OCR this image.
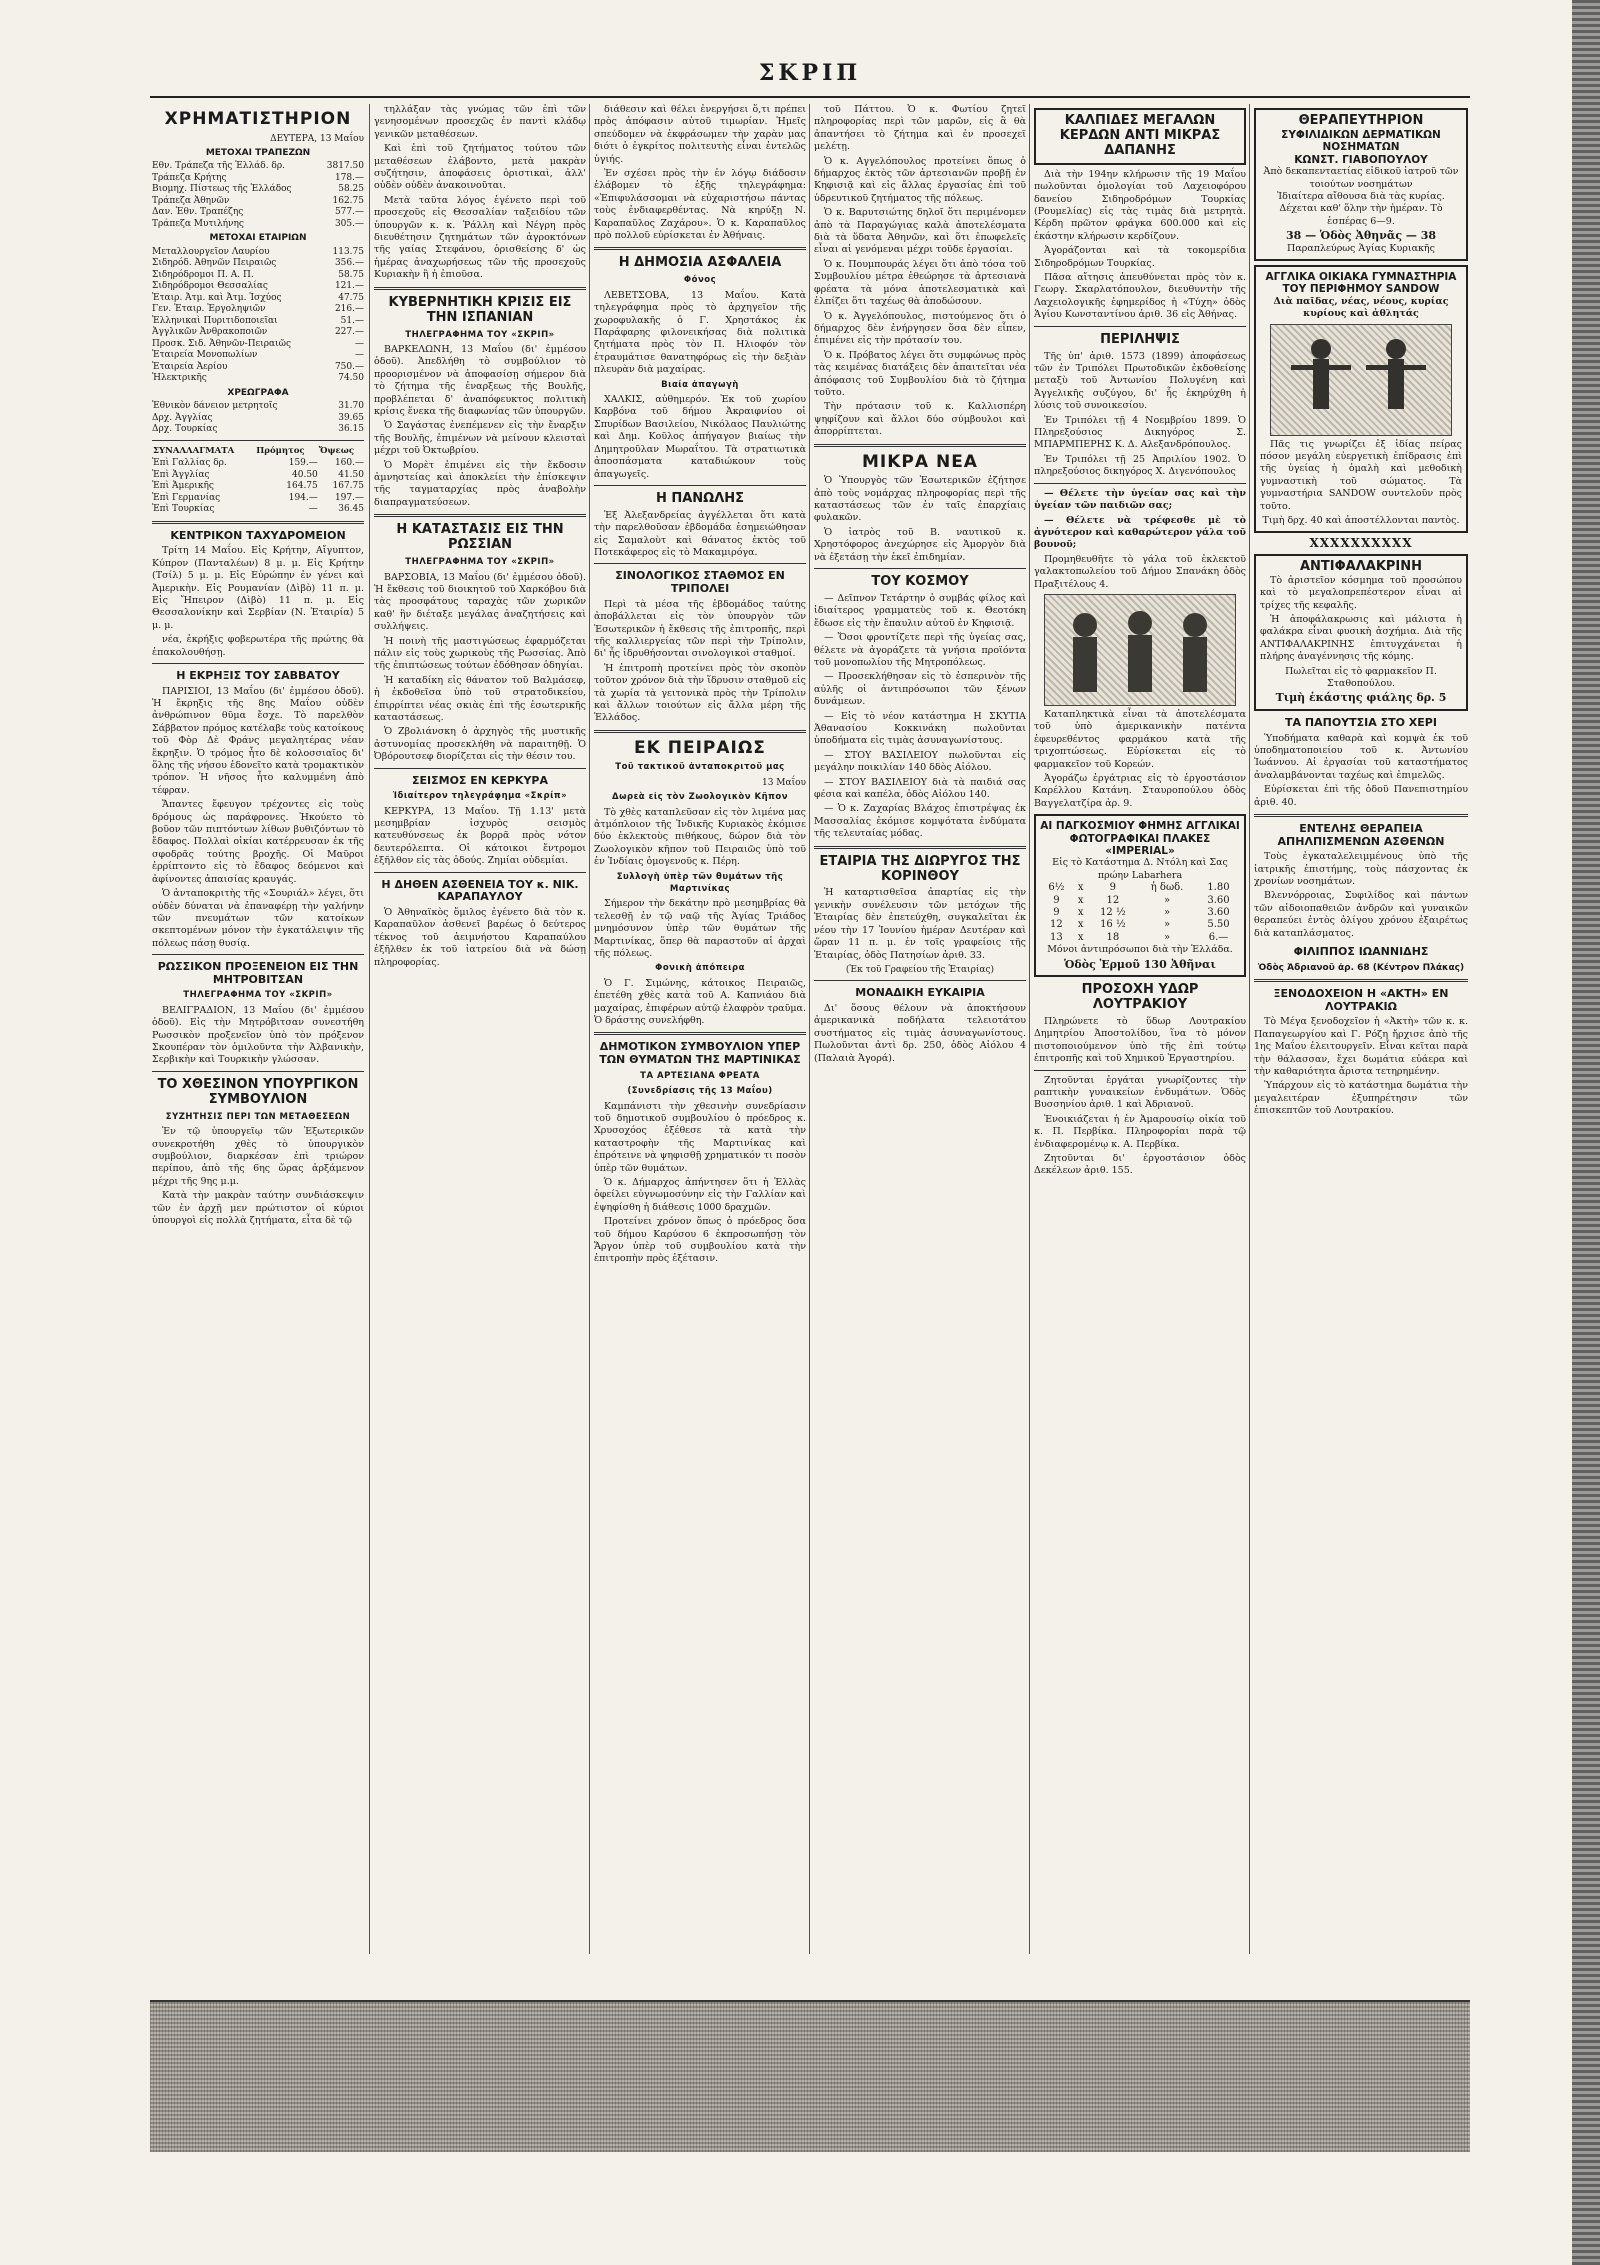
ΣΚΡΙΠ
ΧΡΗΜΑΤΙΣΤΗΡΙΟΝ
ΔΕΥΤΕΡΑ, 13 Μαΐου
ΜΕΤΟΧΑΙ ΤΡΑΠΕΖΩΝ
Εθν. Τράπεζα τῆς Ἑλλάδ. δρ.	3817.50
Τράπεζα Κρήτης	178.—
Βιομηχ. Πίστεως τῆς Ἑλλάδος	58.25
Τράπεζα Ἀθηνῶν	162.75
Δαν. Ἐθν. Τραπέζης	577.—
Τράπεζα Μυτιλήνης	305.—
ΜΕΤΟΧΑΙ ΕΤΑΙΡΙΩΝ
Μεταλλουργεῖον Λαυρίου	113.75
Σιδηρόδ. Ἀθηνῶν Πειραιῶς	356.—
Σιδηρόδρομοι Π. Α. Π.	58.75
Σιδηρόδρομοι Θεσσαλίας	121.—
Ἑταιρ. Ἀτμ. καὶ Ἀτμ. Ἰσχύος	47.75
Γεν. Ἑταιρ. Ἐργοληψιῶν	216.—
Ἑλληνικαὶ Πυριτιδοποιεῖαι	51.—
Ἀγγλικῶν Ἀνθρακοποιῶν	227.—
Προσκ. Σιδ. Ἀθηνῶν-Πειραιῶς	—
Ἑταιρεία Μονοπωλίων	—
Ἑταιρεία Ἀερίου	750.—
Ἠλεκτρικῆς	74.50
ΧΡΕΩΓΡΑΦΑ
Ἐθνικὸν δάνειον μετρητοῖς	31.70
Δρχ. Ἀγγλίας	39.65
Δρχ. Τουρκίας	36.15
ΣΥΝΑΛΛΑΓΜΑΤΑ	Πρόμητος	Ὄψεως
Ἐπὶ Γαλλίας δρ.	159.—	160.—
Ἐπὶ Ἀγγλίας	40.50	41.50
Ἐπὶ Ἀμερικῆς	164.75	167.75
Ἐπὶ Γερμανίας	194.—	197.—
Ἐπὶ Τουρκίας	—	36.45
ΚΕΝΤΡΙΚΟΝ ΤΑΧΥΔΡΟΜΕΙΟΝ

Τρίτη 14 Μαΐου. Εἰς Κρήτην, Αἴγυπτον, Κύπρον (Πανταλέων) 8 μ. μ. Εἰς Κρήτην (Τσίλ) 5 μ. μ. Εἰς Εὐρώπην ἐν γένει καὶ Ἀμερικὴν. Εἰς Ρουμανίαν (Δὶβὸ) 11 π. μ. Εἰς Ἤπειρον (Δὶβὸ) 11 π. μ. Εἰς Θεσσαλονίκην καὶ Σερβίαν (Ν. Ἑταιρία) 5 μ. μ.

νέα, ἐκρήξις φοβερωτέρα τῆς πρώτης θὰ ἐπακολουθήσῃ.

Η ΕΚΡΗΞΙΣ ΤΟΥ ΣΑΒΒΑΤΟΥ

ΠΑΡΙΣΙΟΙ, 13 Μαΐου (δι' ἐμμέσου ὁδοῦ). Ἡ ἔκρηξις τῆς 8ης Μαΐου οὐδὲν ἀνθρώπινον θῦμα ἔσχε. Τὸ παρελθὸν Σάββατον πρόμος κατέλαβε τοὺς κατοίκους τοῦ Φὸρ Δὲ Φράνς μεγαλητέρας νέαν ἔκρηξιν. Ὁ τρόμος ἦτο δὲ κολοσσιαῖος δι' ὅλης τῆς νήσου ἐδονεῖτο κατὰ τρομακτικὸν τρόπον. Ἡ νῆσος ἦτο καλυμμένη ἀπὸ τέφραν.

Ἄπαντες ἔφευγον τρέχοντες εἰς τοὺς δρόμους ὡς παράφρονες. Ἠκούετο τὸ βοῦον τῶν πιπτόντων λίθων βυθιζόντων τὸ ἔδαφος. Πολλαὶ οἰκίαι κατέρρευσαν ἐκ τῆς σφοδρᾶς τούτης βροχῆς. Οἱ Μαῦροι ἐρρίπτοντο εἰς τὸ ἔδαφος δεόμενοι καὶ ἀφίνοντες ἀπαισίας κραυγάς.

Ὁ ἀνταποκριτὴς τῆς «Σουριάλ» λέγει, ὅτι οὐδὲν δύναται νὰ ἐπαναφέρῃ τὴν γαλήνην τῶν πνευμάτων τῶν κατοίκων σκεπτομένων μόνον τὴν ἐγκατάλειψιν τῆς πόλεως πάσῃ θυσίᾳ.

ΡΩΣΣΙΚΟΝ ΠΡΟΞΕΝΕΙΟΝ ΕΙΣ ΤΗΝ ΜΗΤΡΟΒΙΤΣΑΝ
ΤΗΛΕΓΡΑΦΗΜΑ ΤΟΥ «ΣΚΡΙΠ»

ΒΕΛΙΓΡΑΔΙΟΝ, 13 Μαΐου (δι' ἐμμέσου ὁδοῦ). Εἰς τὴν Μητρόβιτσαν συνεστήθη Ρωσσικὸν προξενεῖον ὑπὸ τὸν πρόξενον Σκουπέραν τὸν ὁμιλοῦντα τὴν Ἀλβανικὴν, Σερβικὴν καὶ Τουρκικὴν γλώσσαν.

ΤΟ ΧΘΕΣΙΝΟΝ ΥΠΟΥΡΓΙΚΟΝ ΣΥΜΒΟΥΛΙΟΝ
ΣΥΖΗΤΗΣΙΣ ΠΕΡΙ ΤΩΝ ΜΕΤΑΘΕΣΕΩΝ

Ἐν τῷ ὑπουργεῖῳ τῶν Ἐξωτερικῶν συνεκροτήθη χθὲς τὸ ὑπουργικὸν συμβούλιον, διαρκέσαν ἐπὶ τριώρον περίπου, ἀπὸ τῆς 6ης ὥρας ἀρξάμενον μέχρι τῆς 9ης μ.μ.

Κατὰ τὴν μακρὰν ταύτην συνδιάσκεψιν τῶν ἐν ἀρχῇ μεν πρώτιστον οἱ κύριοι ὑπουργοὶ εἰς πολλὰ ζητήματα, εἶτα δὲ τῷ

τηλλάξαν τὰς γνώμας τῶν ἐπὶ τῶν γενησομένων προσεχῶς ἐν παντὶ κλάδῳ γενικῶν μεταθέσεων.

Καὶ ἐπὶ τοῦ ζητήματος τούτου τῶν μεταθέσεων ἐλάβοντο, μετὰ μακρὰν συζήτησιν, ἀποφάσεις ὁριστικαὶ, ἀλλ' οὐδὲν οὐδὲν ἀνακοινοῦται.

Μετὰ ταῦτα λόγος ἐγένετο περὶ τοῦ προσεχοῦς εἰς Θεσσαλίαν ταξειδίου τῶν ὑπουργῶν κ. κ. Ῥάλλη καὶ Νέγρη πρὸς διευθέτησιν ζητημάτων τῶν ἀγροκτόνων τῆς γαίας Στεφάνου, ὁρισθείσης δ' ὡς ἡμέρας ἀναχωρήσεως τῶν τῆς προσεχοῦς Κυριακὴν ἢ ἡ ἐπιοῦσα.

ΚΥΒΕΡΝΗΤΙΚΗ ΚΡΙΣΙΣ ΕΙΣ ΤΗΝ ΙΣΠΑΝΙΑΝ
ΤΗΛΕΓΡΑΦΗΜΑ ΤΟΥ «ΣΚΡΙΠ»

ΒΑΡΚΕΛΩΝΗ, 13 Μαΐου (δι' ἐμμέσου ὁδοῦ). Ἀπεδλήθη τὸ συμβούλιον τὸ προορισμένον νὰ ἀποφασίσῃ σήμερον διὰ τὸ ζήτημα τῆς ἐναρξεως τῆς Βουλῆς, προβλέπεται δ' ἀναπόφευκτος πολιτικὴ κρίσις ἕνεκα τῆς διαφωνίας τῶν ὑπουργῶν.

Ὁ Σαγάστας ἐνεπέμενεν εἰς τὴν ἔναρξιν τῆς Βουλῆς, ἐπιμένων νὰ μείνουν κλεισταὶ μέχρι τοῦ Ὀκτωβρίου.

Ὁ Μορὲτ ἐπιμένει εἰς τὴν ἔκδοσιν ἀμνηστείας καὶ ἀποκλείει τὴν ἐπίσκεψιν τῆς ταγματαρχίας πρὸς ἀναβολὴν διαπραγματεύσεων.

Η ΚΑΤΑΣΤΑΣΙΣ ΕΙΣ ΤΗΝ ΡΩΣΣΙΑΝ
ΤΗΛΕΓΡΑΦΗΜΑ ΤΟΥ «ΣΚΡΙΠ»

ΒΑΡΣΟΒΙΑ, 13 Μαΐου (δι' ἐμμέσου ὁδοῦ). Ἡ ἔκθεσις τοῦ διοικητοῦ τοῦ Χαρκόβου διὰ τὰς προσφάτους ταραχὰς τῶν χωρικῶν καθ' ἣν διέταξε μεγάλας ἀναζητήσεις καὶ συλλήψεις.

Ἡ ποινὴ τῆς μαστιγώσεως ἐφαρμόζεται πάλιν εἰς τοὺς χωρικοὺς τῆς Ρωσσίας. Ἀπὸ τῆς ἐπιπτώσεως τούτων ἐδόθησαν ὁδηγίαι.

Ἡ καταδίκη εἰς θάνατον τοῦ Βαλμάσεφ, ἡ ἐκδοθεῖσα ὑπὸ τοῦ στρατοδικείου, ἐπιρρίπτει νέας σκιὰς ἐπὶ τῆς ἐσωτερικῆς καταστάσεως.

Ὁ Ζβολιάνσκη ὁ ἀρχηγὸς τῆς μυστικῆς ἀστυνομίας προσεκλήθη νὰ παραιτηθῇ. Ὁ Ὀβόρουτσεφ διορίζεται εἰς τὴν θέσιν του.

ΣΕΙΣΜΟΣ ΕΝ ΚΕΡΚΥΡΑ
Ἰδιαίτερον τηλεγράφημα «Σκρίπ»

ΚΕΡΚΥΡΑ, 13 Μαΐου. Τῇ 1.13' μετὰ μεσημβρίαν ἰσχυρὸς σεισμὸς κατευθύνσεως ἐκ βορρᾶ πρὸς νότον δευτερόλεπτα. Οἱ κάτοικοι ἔντρομοι ἐξῆλθον εἰς τὰς ὁδούς. Ζημίαι οὐδεμίαι.

Η ΔΗΘΕΝ ΑΣΘΕΝΕΙΑ ΤΟΥ κ. ΝΙΚ. ΚΑΡΑΠΑΥΛΟΥ

Ὁ Ἀθηναϊκὸς ὅμιλος ἐγένετο διὰ τὸν κ. Καραπαῦλον ἀσθενεῖ βαρέως ὁ δεύτερος τέκνος τοῦ ἀειμνήστου Καραπαύλου ἐξῆλθεν ἐκ τοῦ ἰατρείου διὰ νὰ δώσῃ πληροφορίας.

διάθεσιν καὶ θέλει ἐνεργήσει ὅ,τι πρέπει πρὸς ἀπόφασιν αὐτοῦ τιμωρίαν. Ἡμεῖς σπεύδομεν νὰ ἐκφράσωμεν τὴν χαρὰν μας διότι ὁ ἐγκρίτος πολιτευτὴς εἶναι ἐντελῶς ὑγιής.

Ἐν σχέσει πρὸς τὴν ἐν λόγῳ διάδοσιν ἐλάβομεν τὸ ἑξῆς τηλεγράφημα: «Ἐπιφυλάσσομαι νὰ εὐχαριστήσω πάντας τοὺς ἐνδιαφερθέντας. Νὰ κηρύξῃ Ν. Καραπαῦλος Ζαχάρου». Ὁ κ. Καραπαῦλος πρὸ πολλοῦ εὑρίσκεται ἐν Ἀθήναις.

Η ΔΗΜΟΣΙΑ ΑΣΦΑΛΕΙΑ
Φόνος

ΛΕΒΕΤΣΟΒΑ, 13 Μαΐου. Κατὰ τηλεγράφημα πρὸς τὸ ἀρχηγεῖον τῆς χωροφυλακῆς ὁ Γ. Χρηστάκος ἐκ Παράφαρης φιλονεικήσας διὰ πολιτικὰ ζητήματα πρὸς τὸν Π. Ηλιοφόν τὸν ἐτραυμάτισε θανατηφόρως εἰς τὴν δεξιὰν πλευρὰν διὰ μαχαίρας.

Βιαία ἀπαγωγὴ

ΧΑΛΚΙΣ, αὐθημερόν. Ἐκ τοῦ χωρίου Καρβόνα τοῦ δήμου Ἀκραιφνίου οἱ Σπυρίδων Βασιλείου, Νικόλαος Παυλιώτης καὶ Δημ. Κοῦλος ἀπήγαγον βιαίως τὴν Δημητροῦλαν Μωραΐτου. Τὰ στρατιωτικὰ ἀποσπάσματα καταδιώκουν τοὺς ἀπαγωγεῖς.

Η ΠΑΝΩΛΗΣ

Ἐξ Ἀλεξανδρείας ἀγγέλλεται ὅτι κατὰ τὴν παρελθοῦσαν ἑβδομάδα ἐσημειώθησαν εἰς Σαμαλοὺτ καὶ θάνατος ἐκτὸς τοῦ Ποτεκάφερος εἰς τὸ Μακαμιρόγα.

ΣΙΝΟΛΟΓΙΚΟΣ ΣΤΑΘΜΟΣ ΕΝ ΤΡΙΠΟΛΕΙ

Περὶ τὰ μέσα τῆς ἑβδομάδος ταύτης ἀποβάλλεται εἰς τὸν ὑπουργὸν τῶν Ἐσωτερικῶν ἡ ἔκθεσις τῆς ἐπιτροπῆς, περὶ τῆς καλλιεργείας τῶν περὶ τὴν Τρίπολιν, δι' ἧς ἱδρυθήσονται σινολογικοὶ σταθμοί.

Ἡ ἐπιτροπὴ προτείνει πρὸς τὸν σκοπὸν τοῦτον χρόνον διὰ τὴν ἵδρυσιν σταθμοῦ εἰς τὰ χωρία τὰ γειτονικὰ πρὸς τὴν Τρίπολιν καὶ ἄλλων τοιούτων εἰς ἄλλα μέρη τῆς Ἑλλάδος.

ΕΚ ΠΕΙΡΑΙΩΣ
Τοῦ τακτικοῦ ἀνταποκριτοῦ μας
13 Μαΐου
Δωρεὰ εἰς τὸν Ζωολογικὸν Κῆπον

Τὸ χθὲς καταπλεῦσαν εἰς τὸν λιμένα μας ἀτμόπλοιον τῆς Ἰνδικῆς Κυριακὸς ἐκόμισε δύο ἐκλεκτοὺς πιθήκους, δώρον διὰ τὸν Ζωολογικὸν κῆπον τοῦ Πειραιῶς ὑπὸ τοῦ ἐν Ἰνδίαις ὁμογενοῦς κ. Πέρη.

Συλλογὴ ὑπὲρ τῶν θυμάτων τῆς Μαρτινίκας

Σήμερον τὴν δεκάτην πρὸ μεσημβρίας θὰ τελεσθῇ ἐν τῷ ναῷ τῆς Ἁγίας Τριάδος μνημόσυνον ὑπὲρ τῶν θυμάτων τῆς Μαρτινίκας, ὅπερ θὰ παραστοῦν αἱ ἀρχαὶ τῆς πόλεως.

Φονικὴ ἀπόπειρα

Ὁ Γ. Σιμώνης, κάτοικος Πειραιῶς, ἐπετέθη χθὲς κατὰ τοῦ Α. Καπνιάου διὰ μαχαίρας, ἐπιφέρων αὐτῷ ἐλαφρὸν τραῦμα. Ὁ δράστης συνελήφθη.

ΔΗΜΟΤΙΚΟΝ ΣΥΜΒΟΥΛΙΟΝ ΥΠΕΡ ΤΩΝ ΘΥΜΑΤΩΝ ΤΗΣ ΜΑΡΤΙΝΙΚΑΣ
ΤΑ ΑΡΤΕΣΙΑΝΑ ΦΡΕΑΤΑ
(Συνεδρίασις τῆς 13 Μαΐου)

Καμπάνιστι τὴν χθεσινὴν συνεδρίασιν τοῦ δημοτικοῦ συμβουλίου ὁ πρόεδρος κ. Χρυσοχόος ἐξέθεσε τὰ κατὰ τὴν καταστροφὴν τῆς Μαρτινίκας καὶ ἐπρότεινε νὰ ψηφισθῇ χρηματικόν τι ποσὸν ὑπὲρ τῶν θυμάτων.

Ὁ κ. Δήμαρχος ἀπήντησεν ὅτι ἡ Ἑλλὰς ὀφείλει εὐγνωμοσύνην εἰς τὴν Γαλλίαν καὶ ἐψηφίσθη ἡ διάθεσις 1000 δραχμῶν.

Προτείνει χρόνον ὅπως ὁ πρόεδρος ὅσα τοῦ δήμου Καρύσου 6 ἐκπροσωπήσῃ τὸν Ἄργον ὑπὲρ τοῦ συμβουλίου κατὰ τὴν ἐπιτροπὴν πρὸς ἐξέτασιν.

τοῦ Πάττου. Ὁ κ. Φωτίου ζητεῖ πληροφορίας περὶ τῶν μαρῶν, εἰς ἃ θὰ ἀπαντήσει τὸ ζήτημα καὶ ἐν προσεχεῖ μελέτῃ.

Ὁ κ. Αγγελόπουλος προτείνει ὅπως ὁ δήμαρχος ἐκτὸς τῶν ἀρτεσιανῶν προβῇ ἐν Κηφισιᾷ καὶ εἰς ἄλλας ἐργασίας ἐπὶ τοῦ ὑδρευτικοῦ ζητήματος τῆς πόλεως.

Ὁ κ. Βαρυτσιώτης δηλοῖ ὅτι περιμένομεν ἀπὸ τὰ Παραγώγιας καλὰ ἀποτελέσματα διὰ τὰ ὕδατα Ἀθηνῶν, καὶ ὅτι ἐπωφελεῖς εἶναι αἱ γενόμεναι μέχρι τοῦδε ἐργασίαι.

Ὁ κ. Πουμπουράς λέγει ὅτι ἀπὸ τόσα τοῦ Συμβουλίου μέτρα ἐθεώρησε τὰ ἀρτεσιανὰ φρέατα τὰ μόνα ἀποτελεσματικὰ καὶ ἐλπίζει ὅτι ταχέως θὰ ἀποδώσουν.

Ὁ κ. Ἀγγελόπουλος, πιστούμενος ὅτι ὁ δήμαρχος δὲν ἐνήργησεν ὅσα δὲν εἶπεν, ἐπιμένει εἰς τὴν πρότασίν του.

Ὁ κ. Πρόβατος λέγει ὅτι συμφώνως πρὸς τὰς κειμένας διατάξεις δὲν ἀπαιτεῖται νέα ἀπόφασις τοῦ Συμβουλίου διὰ τὸ ζήτημα τοῦτο.

Τὴν πρότασιν τοῦ κ. Καλλισπέρη ψηφίζουν καὶ ἄλλοι δύο σύμβουλοι καὶ ἀπορρίπτεται.

ΜΙΚΡΑ ΝΕΑ

Ὁ Ὑπουργὸς τῶν Ἐσωτερικῶν ἐζήτησε ἀπὸ τοὺς νομάρχας πληροφορίας περὶ τῆς καταστάσεως τῶν ἐν ταῖς ἐπαρχίαις φυλακῶν.

Ὁ ἰατρὸς τοῦ Β. ναυτικοῦ κ. Χρηστόφορος ἀνεχώρησε εἰς Ἀμοργὸν διὰ νὰ ἐξετάσῃ τὴν ἐκεῖ ἐπιδημίαν.

ΤΟΥ ΚΟΣΜΟΥ

— Δεῖπνον Τετάρτην ὁ συμβάς φίλος καὶ ἰδιαίτερος γραμματεὺς τοῦ κ. Θεοτόκη ἔδωσε εἰς τὴν ἔπαυλιν αὐτοῦ ἐν Κηφισιᾷ.

— Ὅσοι φροντίζετε περὶ τῆς ὑγείας σας, θέλετε νὰ ἀγοράζετε τὰ γνήσια προϊόντα τοῦ μονοπωλίου τῆς Μητροπόλεως.

— Προσεκλήθησαν εἰς τὸ ἐσπερινὸν τῆς αὐλῆς οἱ ἀντιπρόσωποι τῶν ξένων δυνάμεων.

— Εἰς τὸ νέον κατάστημα Η ΣΚΥΤΙΑ Ἀθανασίου Κοκκινάκη πωλοῦνται ὑποδήματα εἰς τιμὰς ἀσυναγωνίστους.

— ΣΤΟΥ ΒΑΣΙΛΕΙΟΥ πωλοῦνται εἰς μεγάλην ποικιλίαν 140 δδὸς Αἰόλου.

— ΣΤΟΥ ΒΑΣΙΛΕΙΟΥ διὰ τὰ παιδιά σας φέσια καὶ καπέλα, ὁδὸς Αἰόλου 140.

— Ὁ κ. Ζαχαρίας Βλάχος ἐπιστρέψας ἐκ Μασσαλίας ἐκόμισε κομψότατα ἐνδύματα τῆς τελευταίας μόδας.

ΕΤΑΙΡΙΑ ΤΗΣ ΔΙΩΡΥΓΟΣ ΤΗΣ ΚΟΡΙΝΘΟΥ

Ἡ καταρτισθεῖσα ἀπαρτίας εἰς τὴν γενικὴν συνέλευσιν τῶν μετόχων τῆς Ἑταιρίας δὲν ἐπετεύχθη, συγκαλεῖται ἐκ νέου τὴν 17 Ἰουνίου ἡμέραν Δευτέραν καὶ ὥραν 11 π. μ. ἐν τοῖς γραφείοις τῆς Ἑταιρίας, ὁδὸς Πατησίων ἀριθ. 33.

(Ἐκ τοῦ Γραφείου τῆς Ἑταιρίας)
ΜΟΝΑΔΙΚΗ ΕΥΚΑΙΡΙΑ

Δι' ὅσους θέλουν νὰ ἀποκτήσουν ἀμερικανικὰ ποδήλατα τελειοτάτου συστήματος εἰς τιμὰς ἀσυναγωνίστους. Πωλοῦνται ἀντὶ δρ. 250, ὁδὸς Αἰόλου 4 (Παλαιὰ Ἀγορά).

ΚΑΛΠΙΔΕΣ ΜΕΓΑΛΩΝ ΚΕΡΔΩΝ ΑΝΤΙ ΜΙΚΡΑΣ ΔΑΠΑΝΗΣ

Διὰ τὴν 194ην κλήρωσιν τῆς 19 Μαΐου πωλοῦνται ὁμολογίαι τοῦ Λαχειοφόρου δανείου Σιδηροδρόμων Τουρκίας (Ρουμελίας) εἰς τὰς τιμὰς διὰ μετρητὰ. Κέρδη πρῶτον φράγκα 600.000 καὶ εἰς ἐκάστην κλήρωσιν κερδίζουν.

Ἀγοράζονται καὶ τὰ τοκομερίδια Σιδηροδρόμων Τουρκίας.

Πᾶσα αἴτησις ἀπευθύνεται πρὸς τὸν κ. Γεωργ. Σκαρλατόπουλον, διευθυντὴν τῆς Λαχειολογικῆς ἐφημερίδος ἡ «Τύχη» ὁδὸς Ἁγίου Κωνσταντίνου ἀριθ. 36 εἰς Ἀθήνας.

ΠΕΡΙΛΗΨΙΣ

Τῆς ὑπ' ἀριθ. 1573 (1899) ἀποφάσεως τῶν ἐν Τριπόλει Πρωτοδικῶν ἐκδοθείσης μεταξὺ τοῦ Ἀντωνίου Πολυγένη καὶ Ἀγγελικῆς συζύγου, δι' ἧς ἐκηρύχθη ἡ λύσις τοῦ συνοικεσίου.

Ἐν Τριπόλει τῇ 4 Νοεμβρίου 1899. Ὁ Πληρεξούσιος Δικηγόρος Σ. ΜΠΑΡΜΠΕΡΗΣ Κ. Δ. Αλεξανδρόπουλος.

Ἐν Τριπόλει τῇ 25 Ἀπριλίου 1902. Ὁ πληρεξούσιος δικηγόρος Χ. Διγενόπουλος

— Θέλετε τὴν ὑγείαν σας καὶ τὴν ὑγείαν τῶν παιδιῶν σας;

— Θέλετε νὰ τρέφεσθε μὲ τὸ ἀγνότερον καὶ καθαρώτερον γάλα τοῦ βουνοῦ;

Προμηθευθῆτε τὸ γάλα τοῦ ἐκλεκτοῦ γαλακτοπωλείου τοῦ Δήμου Σπανάκη ὁδὸς Πραξιτέλους 4.

Καταπληκτικὰ εἶναι τὰ ἀποτελέσματα τοῦ ὑπὸ ἀμερικανικὴν πατέντα ἐφευρεθέντος φαρμάκου κατὰ τῆς τριχοπτώσεως. Εὑρίσκεται εἰς τὸ φαρμακεῖον τοῦ Κορεών.

Ἀγοράζω ἐργάτριας εἰς τὸ ἐργοστάσιον Καρέλλου Κατάνη. Σταυροπούλου ὁδὸς Βαγγελατζίρα ἀρ. 9.

ΑΙ ΠΑΓΚΟΣΜΙΟΥ ΦΗΜΗΣ ΑΓΓΛΙΚΑΙ ΦΩΤΟΓΡΑΦΙΚΑΙ ΠΛΑΚΕΣ «IMPERIAL»
Εἰς τὸ Κατάστημα Δ. Ντόλη καὶ Σας πρώην Labarhera
6½	x	9	ἡ δωδ.	1.80
9	x	12	»	3.60
9	x	12 ½	»	3.60
12	x	16 ½	»	5.50
13	x	18	»	6.—
Μόνοι ἀντιπρόσωποι διὰ τὴν Ἑλλάδα.
Ὁδὸς Ἑρμοῦ 130 Ἀθῆναι
ΠΡΟΣΟΧΗ ΥΔΩΡ ΛΟΥΤΡΑΚΙΟΥ

Πληρώνετε τὸ ὕδωρ Λουτρακίου Δημητρίου Ἀποστολίδου, ἵνα τὸ μόνον πιστοποιούμενον ὑπὸ τῆς ἐπὶ τούτῳ ἐπιτροπῆς καὶ τοῦ Χημικοῦ Ἐργαστηρίου.

Ζητοῦνται ἐργάται γνωρίζοντες τὴν ραπτικὴν γυναικείων ἐνδυμάτων. Ὁδὸς Βυσσηνίου ἀριθ. 1 καὶ Ἀδριανοῦ.

Ἐνοικιάζεται ἡ ἐν Ἀμαρουσίῳ οἰκία τοῦ κ. Π. Περβίκα. Πληροφορίαι παρὰ τῷ ἐνδιαφερομένῳ κ. Α. Περβίκα.

Ζητοῦνται δι' ἐργοστάσιον ὁδὸς Δεκέλεων ἀριθ. 155.

ΘΕΡΑΠΕΥΤΗΡΙΟΝ
ΣΥΦΙΛΙΔΙΚΩΝ ΔΕΡΜΑΤΙΚΩΝ ΝΟΣΗΜΑΤΩΝ
ΚΩΝΣΤ. ΓΙΑΒΟΠΟΥΛΟΥ
Ἀπὸ δεκαπενταετίας εἰδικοῦ ἰατροῦ τῶν τοιούτων νοσημάτων
Ἰδιαίτερα αἴθουσα διὰ τὰς κυρίας. Δέχεται καθ' ὅλην τὴν ἡμέραν. Τὸ ἑσπέρας 6—9.
38 — Ὁδὸς Ἀθηνᾶς — 38
Παραπλεύρως Ἁγίας Κυριακῆς
ΑΓΓΛΙΚΑ ΟΙΚΙΑΚΑ ΓΥΜΝΑΣΤΗΡΙΑ ΤΟΥ ΠΕΡΙΦΗΜΟΥ SANDOW
Διὰ παῖδας, νέας, νέους, κυρίας κυρίους καὶ ἀθλητάς

Πᾶς τις γνωρίζει ἐξ ἰδίας πείρας πόσον μεγάλη εὐεργετικὴ ἐπίδρασις ἐπὶ τῆς ὑγείας ἡ ὁμαλὴ καὶ μεθοδικὴ γυμναστικὴ τοῦ σώματος. Τὰ γυμναστήρια SANDOW συντελοῦν πρὸς τοῦτο.

Τιμὴ δρχ. 40 καὶ ἀποστέλλονται παντὸς.
XXXXXXXXXX
ΑΝΤΙΦΑΛΑΚΡΙΝΗ

Τὸ ἀριστεῖον κόσμημα τοῦ προσώπου καὶ τὸ μεγαλοπρεπέστερον εἶναι αἱ τρίχες τῆς κεφαλῆς.

Ἡ ἀποφάλακρωσις καὶ μάλιστα ἡ φαλάκρα εἶναι φυσικὴ ἀσχήμια. Διὰ τῆς ΑΝΤΙΦΑΛΑΚΡΙΝΗΣ ἐπιτυγχάνεται ἡ πλήρης ἀναγέννησις τῆς κόμης.

Πωλεῖται εἰς τὸ φαρμακεῖον Π. Σταθοπούλου.
Τιμὴ ἑκάστης φιάλης δρ. 5
ΤΑ ΠΑΠΟΥΤΣΙΑ ΣΤΟ ΧΕΡΙ

Ὑποδήματα καθαρὰ καὶ κομψὰ ἐκ τοῦ ὑποδηματοποιείου τοῦ κ. Ἀντωνίου Ἰωάννου. Αἱ ἐργασίαι τοῦ καταστήματος ἀναλαμβάνονται ταχέως καὶ ἐπιμελῶς.

Εὑρίσκεται ἐπὶ τῆς ὁδοῦ Πανεπιστημίου ἀριθ. 40.

ΕΝΤΕΛΗΣ ΘΕΡΑΠΕΙΑ ΑΠΗΛΠΙΣΜΕΝΩΝ ΑΣΘΕΝΩΝ

Τοὺς ἐγκαταλελειμμένους ὑπὸ τῆς ἰατρικῆς ἐπιστήμης, τοὺς πάσχοντας ἐκ χρονίων νοσημάτων.

Βλεννόρροιας, Συφιλίδος καὶ πάντων τῶν αἰδοιοπαθειῶν ἀνδρῶν καὶ γυναικῶν θεραπεύει ἐντὸς ὀλίγου χρόνου ἐξαιρέτως διὰ καταπλάσματος.

ΦΙΛΙΠΠΟΣ ΙΩΑΝΝΙΔΗΣ
Ὁδὸς Ἀδριανοῦ ἀρ. 68 (Κέντρον Πλάκας)
ΞΕΝΟΔΟΧΕΙΟΝ Η «ΑΚΤΗ» ΕΝ ΛΟΥΤΡΑΚΙΩ

Τὸ Μέγα ξενοδοχεῖον ἡ «Ἀκτὴ» τῶν κ. κ. Παπαγεωργίου καὶ Γ. Ρόζη ἤρχισε ἀπὸ τῆς 1ης Μαΐου ἐλειτουργεῖν. Εἶναι κεῖται παρὰ τὴν θάλασσαν, ἔχει δωμάτια εὐάερα καὶ τὴν καθαριότητα ἄριστα τετηρημένην.

Ὑπάρχουν εἰς τὸ κατάστημα δωμάτια τὴν μεγαλειτέραν ἐξυπηρέτησιν τῶν ἐπισκεπτῶν τοῦ Λουτρακίου.
